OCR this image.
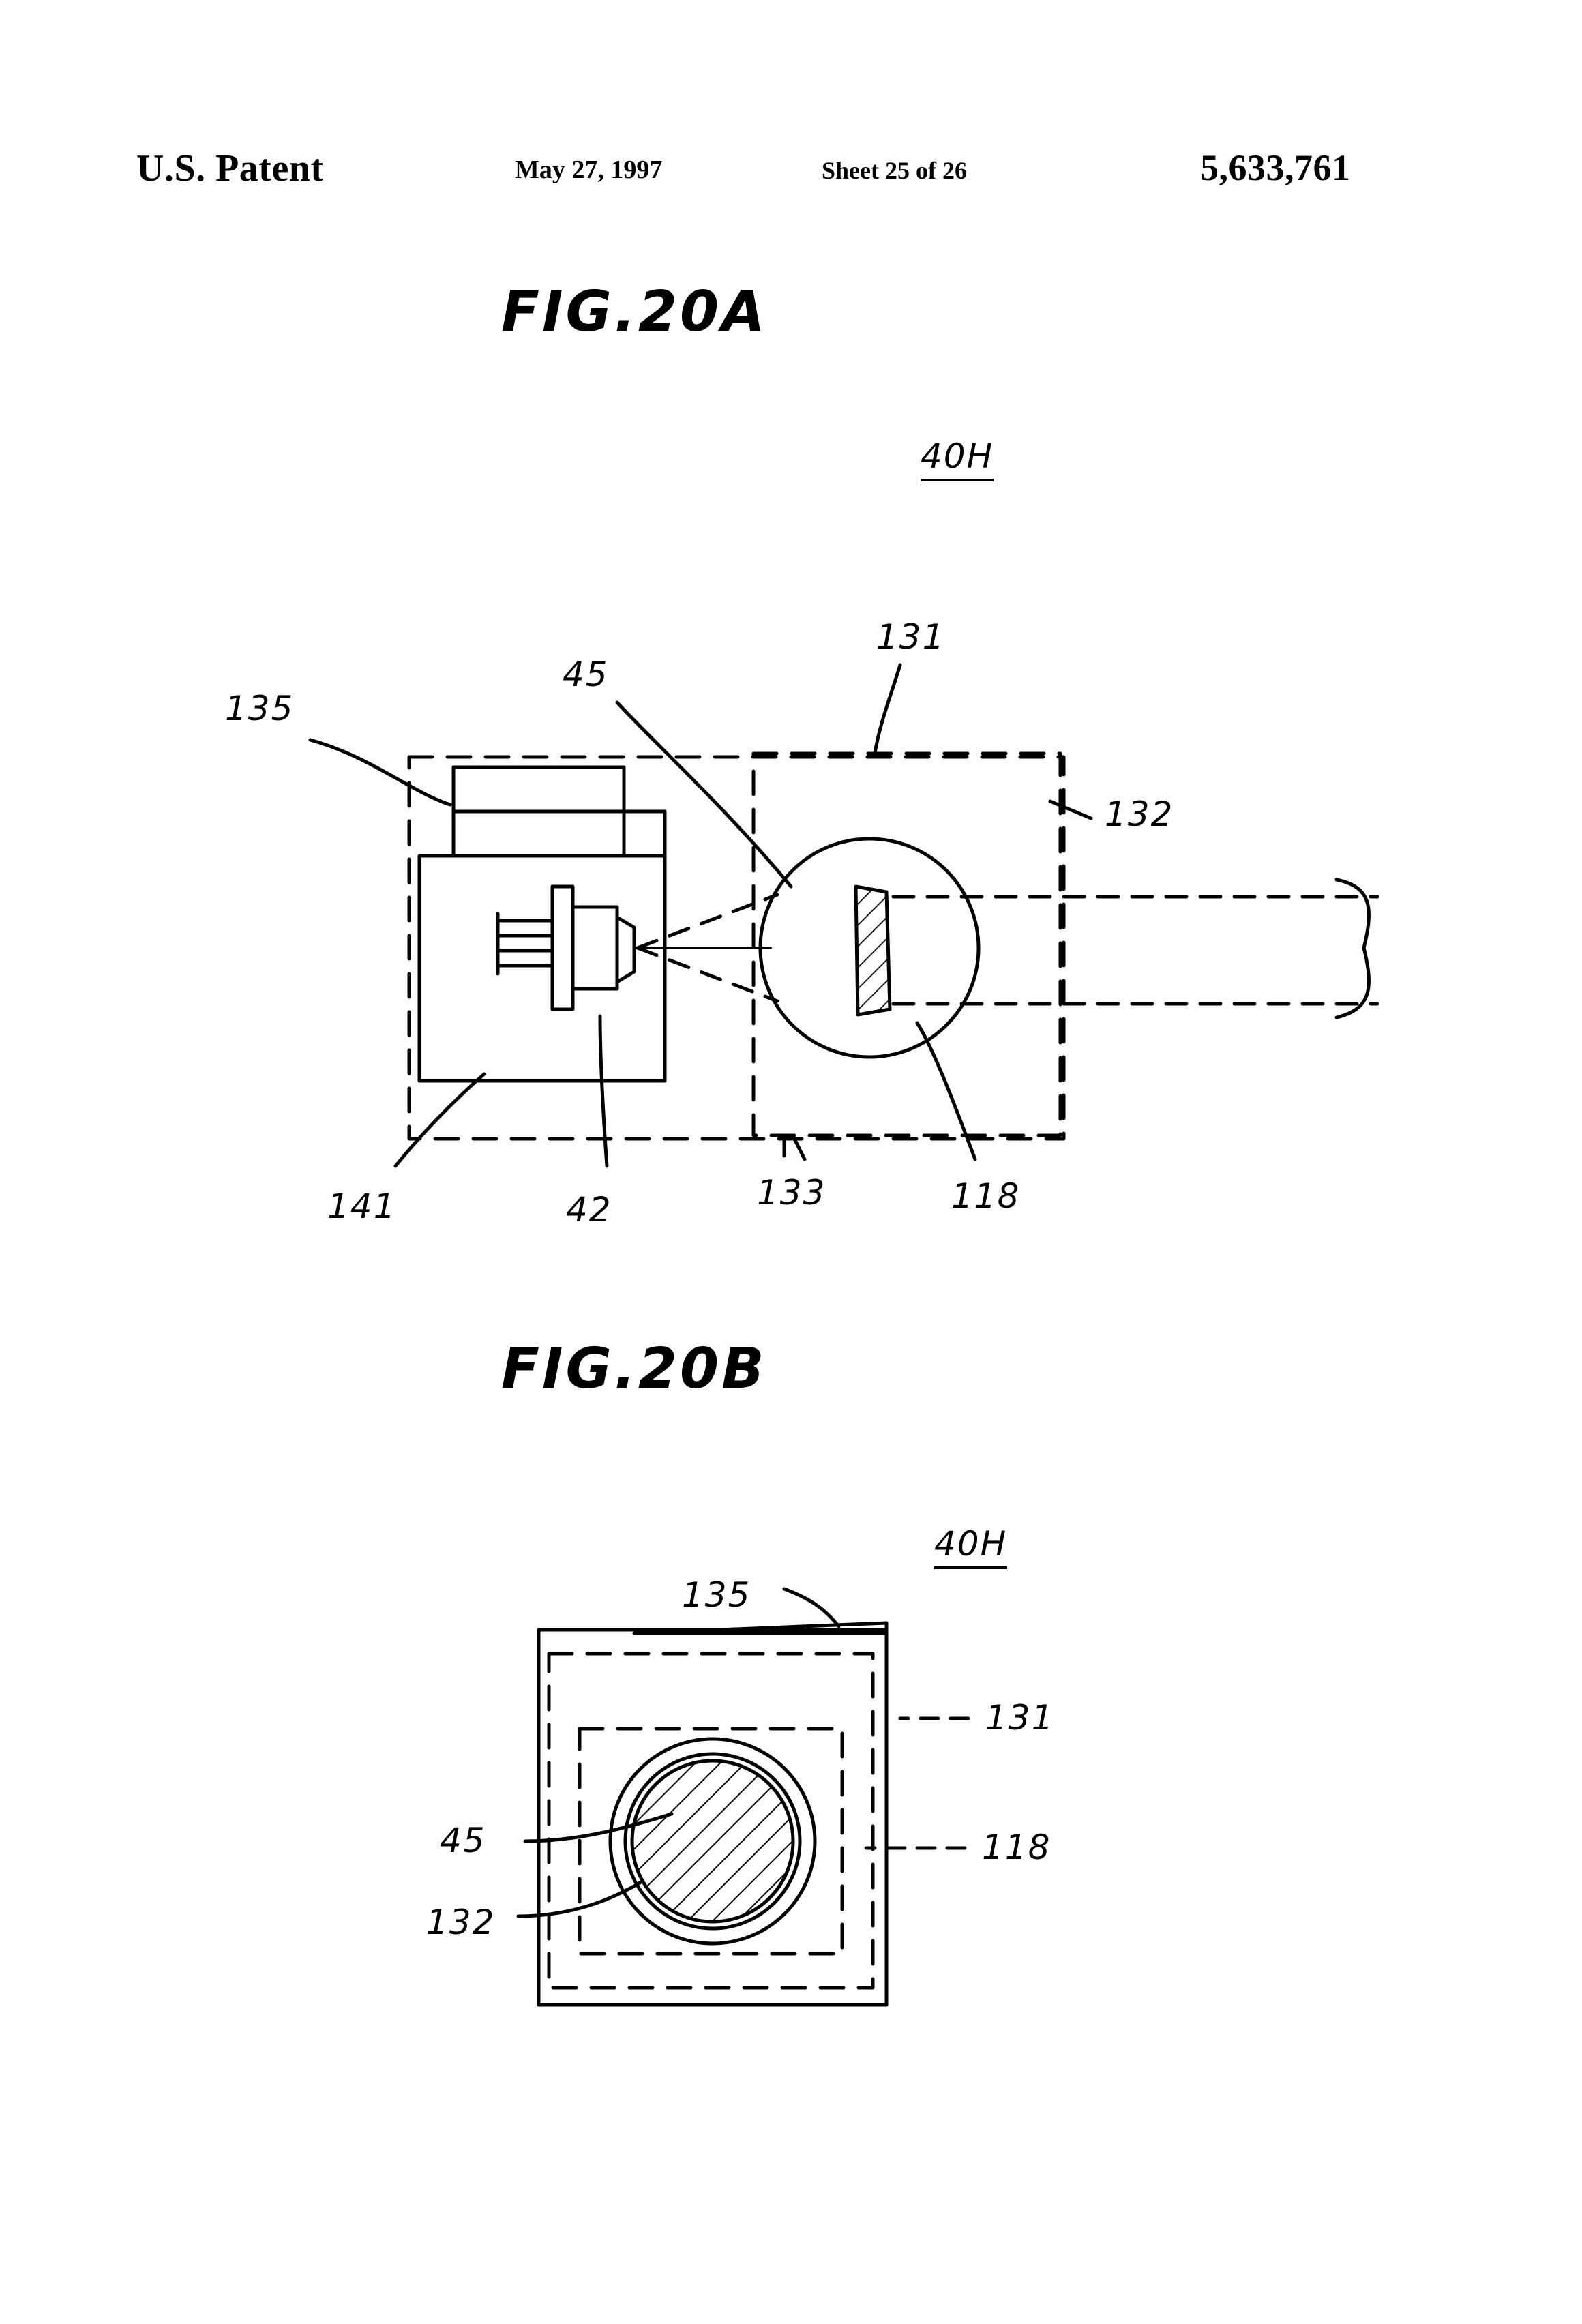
U.S. Patent	May 27, 1997	Sheet 25 of 26	5,633,761
FIG.20A
FIG.20B
40H
131
45
135
132
141	42	133	118
40H
135
131
118
45
132
